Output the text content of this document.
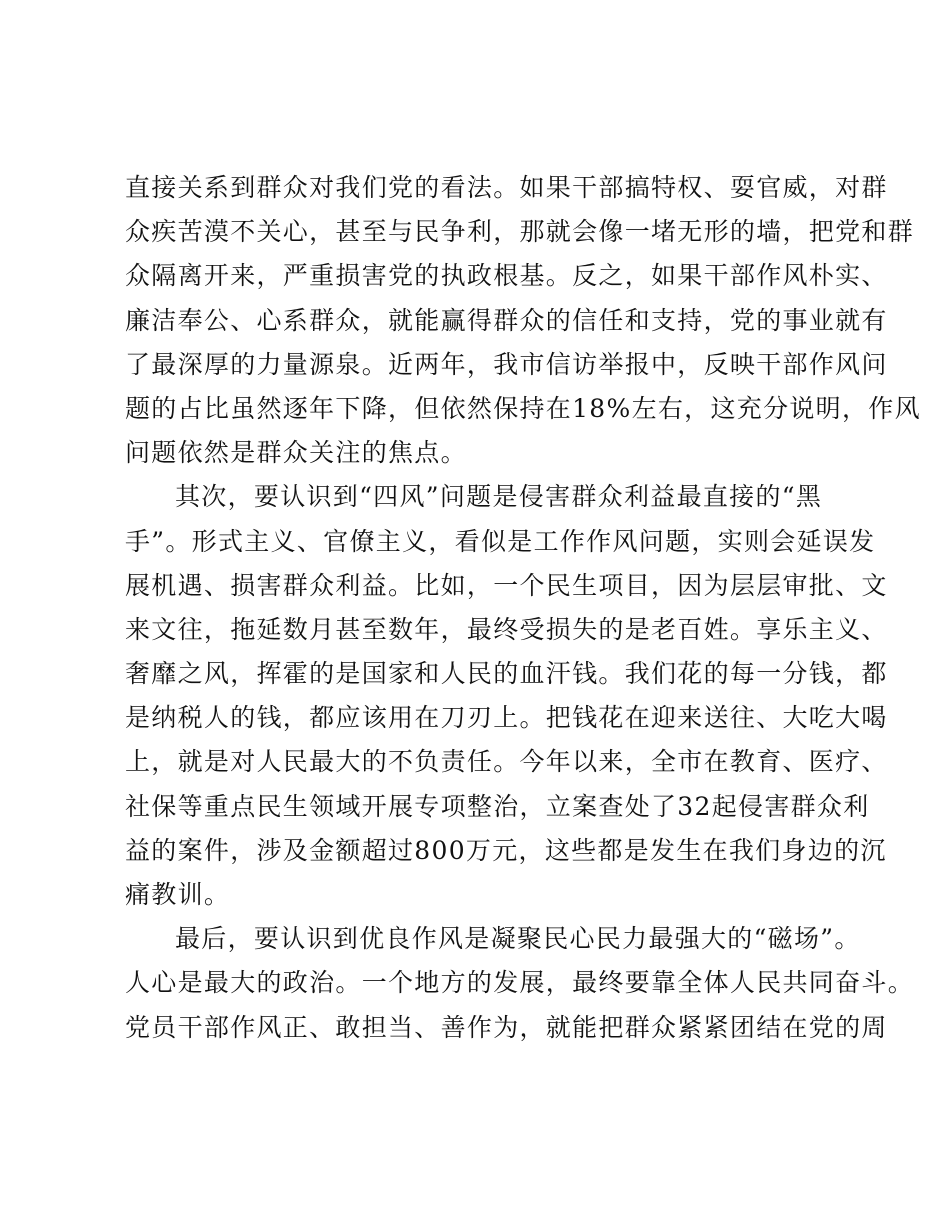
直接关系到群众对我们党的看法。如果干部搞特权、耍官威，对群
众疾苦漠不关心，甚至与民争利，那就会像一堵无形的墙，把党和群
众隔离开来，严重损害党的执政根基。反之，如果干部作风朴实、
廉洁奉公、心系群众，就能赢得群众的信任和支持，党的事业就有
了最深厚的力量源泉。近两年，我市信访举报中，反映干部作风问
题的占比虽然逐年下降，但依然保持在18%左右，这充分说明，作风
问题依然是群众关注的焦点。
其次，要认识到“四风”问题是侵害群众利益最直接的“黑
手”。形式主义、官僚主义，看似是工作作风问题，实则会延误发
展机遇、损害群众利益。比如，一个民生项目，因为层层审批、文
来文往，拖延数月甚至数年，最终受损失的是老百姓。享乐主义、
奢靡之风，挥霍的是国家和人民的血汗钱。我们花的每一分钱，都
是纳税人的钱，都应该用在刀刃上。把钱花在迎来送往、大吃大喝
上，就是对人民最大的不负责任。今年以来，全市在教育、医疗、
社保等重点民生领域开展专项整治，立案查处了32起侵害群众利
益的案件，涉及金额超过800万元，这些都是发生在我们身边的沉
痛教训。
最后，要认识到优良作风是凝聚民心民力最强大的“磁场”。
人心是最大的政治。一个地方的发展，最终要靠全体人民共同奋斗。
党员干部作风正、敢担当、善作为，就能把群众紧紧团结在党的周
